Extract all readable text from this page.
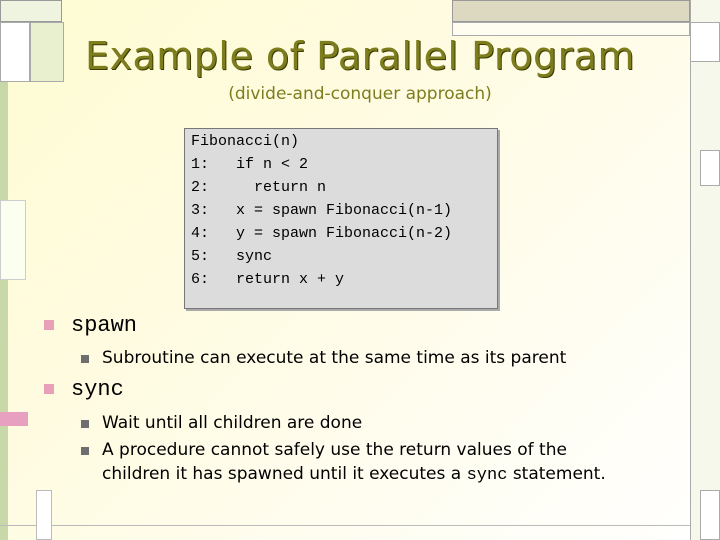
Example of Parallel Program
(divide-and-conquer approach)
Fibonacci(n)
1:   if n < 2
2:     return n
3:   x = spawn Fibonacci(n-1)
4:   y = spawn Fibonacci(n-2)
5:   sync
6:   return x + y
spawn
Subroutine can execute at the same time as its parent
sync
Wait until all children are done
A procedure cannot safely use the return values of the
children it has spawned until it executes a sync statement.
